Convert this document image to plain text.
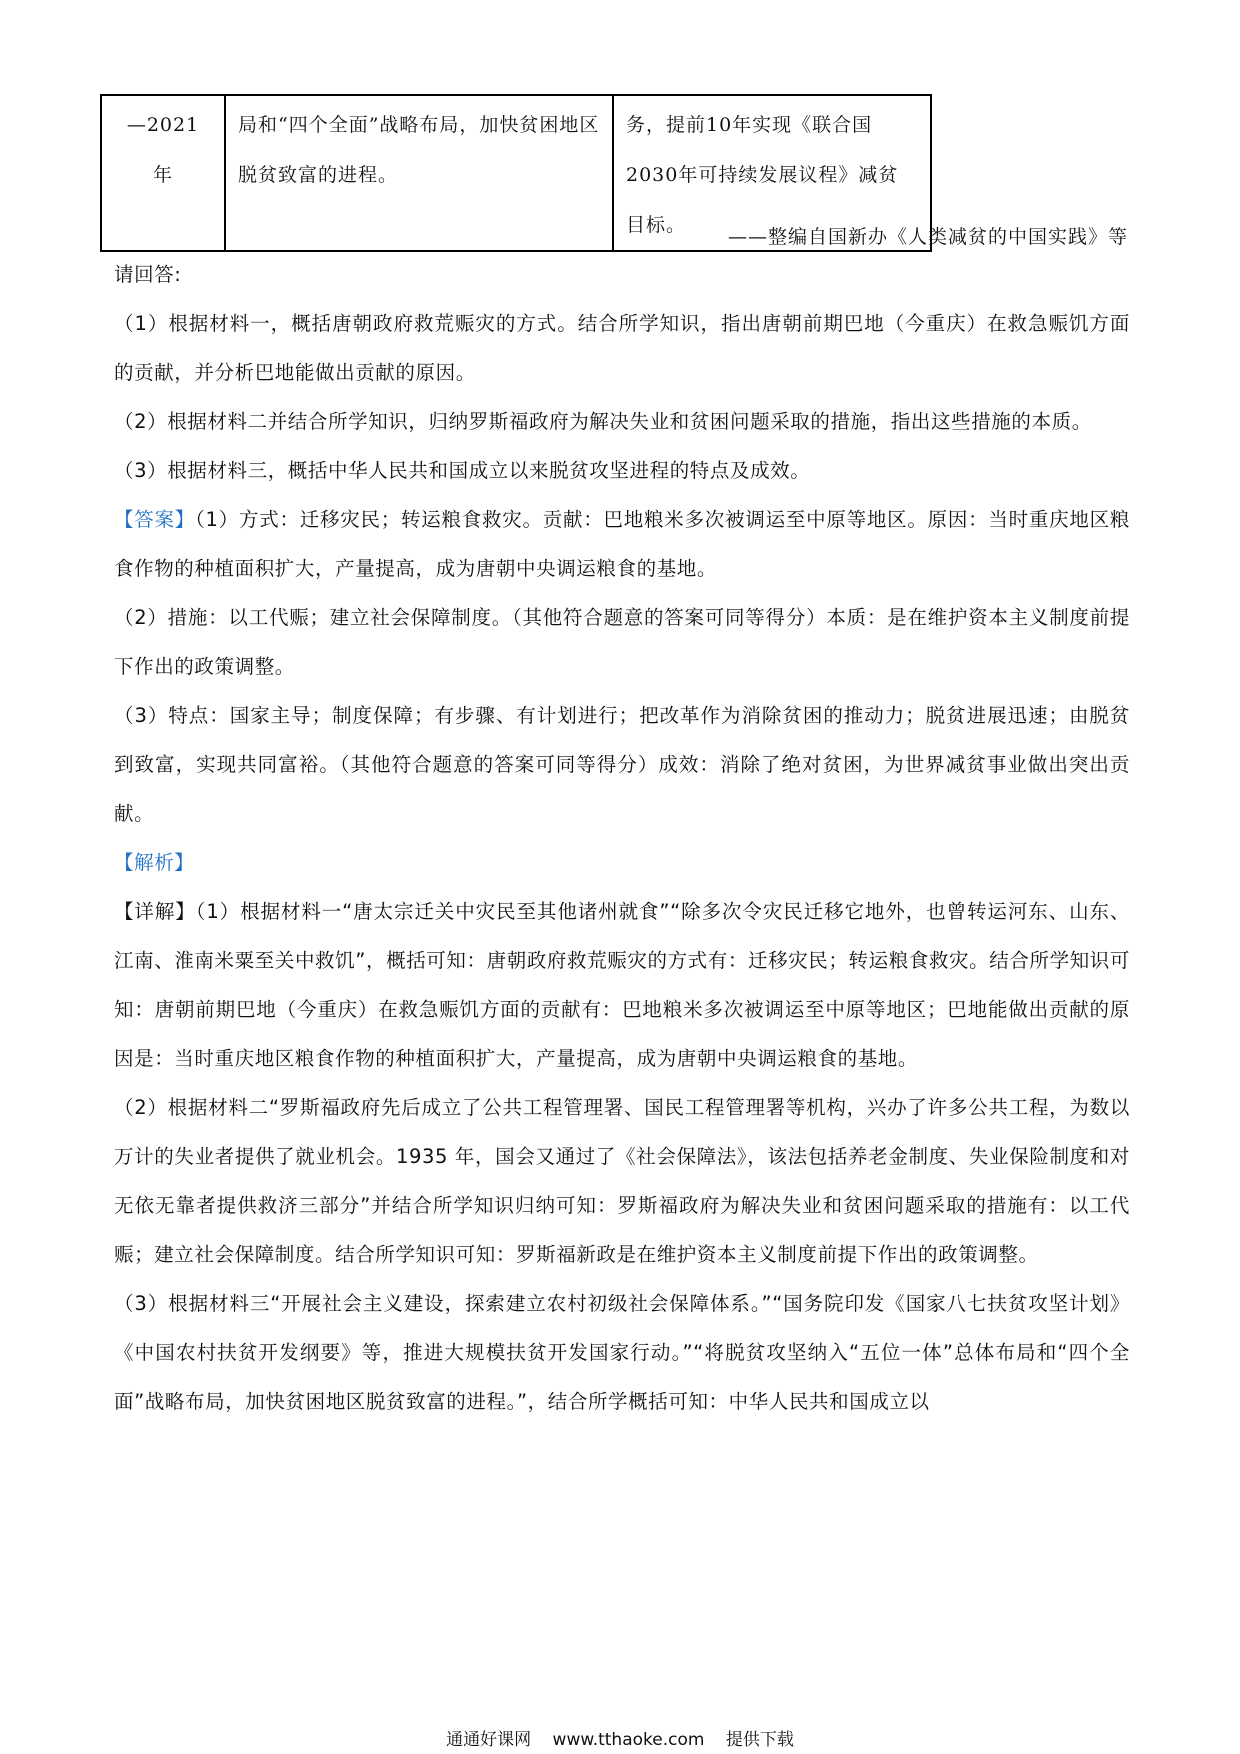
—2021 年	局和“四个全面”战略布局，加快贫困地区脱贫致富的进程。	务，提前10年实现《联合国2030年可持续发展议程》减贫目标。
——整编自国新办《人类减贫的中国实践》等

请回答:

（1）根据材料一，概括唐朝政府救荒赈灾的方式。结合所学知识，指出唐朝前期巴地（今重庆）在救急赈饥方面的贡献，并分析巴地能做出贡献的原因。

（2）根据材料二并结合所学知识，归纳罗斯福政府为解决失业和贫困问题采取的措施，指出这些措施的本质。

（3）根据材料三，概括中华人民共和国成立以来脱贫攻坚进程的特点及成效。

【答案】（1）方式：迁移灾民；转运粮食救灾。贡献：巴地粮米多次被调运至中原等地区。原因：当时重庆地区粮食作物的种植面积扩大，产量提高，成为唐朝中央调运粮食的基地。

（2）措施：以工代赈；建立社会保障制度。（其他符合题意的答案可同等得分）本质：是在维护资本主义制度前提下作出的政策调整。

（3）特点：国家主导；制度保障；有步骤、有计划进行；把改革作为消除贫困的推动力；脱贫进展迅速；由脱贫到致富，实现共同富裕。（其他符合题意的答案可同等得分）成效：消除了绝对贫困，为世界减贫事业做出突出贡献。

【解析】

【详解】（1）根据材料一“唐太宗迁关中灾民至其他诸州就食”“除多次令灾民迁移它地外，也曾转运河东、山东、江南、淮南米粟至关中救饥”，概括可知：唐朝政府救荒赈灾的方式有：迁移灾民；转运粮食救灾。结合所学知识可知：唐朝前期巴地（今重庆）在救急赈饥方面的贡献有：巴地粮米多次被调运至中原等地区；巴地能做出贡献的原因是：当时重庆地区粮食作物的种植面积扩大，产量提高，成为唐朝中央调运粮食的基地。

（2）根据材料二“罗斯福政府先后成立了公共工程管理署、国民工程管理署等机构，兴办了许多公共工程，为数以万计的失业者提供了就业机会。1935 年，国会又通过了《社会保障法》，该法包括养老金制度、失业保险制度和对无依无靠者提供救济三部分”并结合所学知识归纳可知：罗斯福政府为解决失业和贫困问题采取的措施有：以工代赈；建立社会保障制度。结合所学知识可知：罗斯福新政是在维护资本主义制度前提下作出的政策调整。

（3）根据材料三“开展社会主义建设，探索建立农村初级社会保障体系。”“国务院印发《国家八七扶贫攻坚计划》《中国农村扶贫开发纲要》等，推进大规模扶贫开发国家行动。”“将脱贫攻坚纳入“五位一体”总体布局和“四个全面”战略布局，加快贫困地区脱贫致富的进程。”，结合所学概括可知：中华人民共和国成立以

通通好课网 www.tthaoke.com 提供下载
